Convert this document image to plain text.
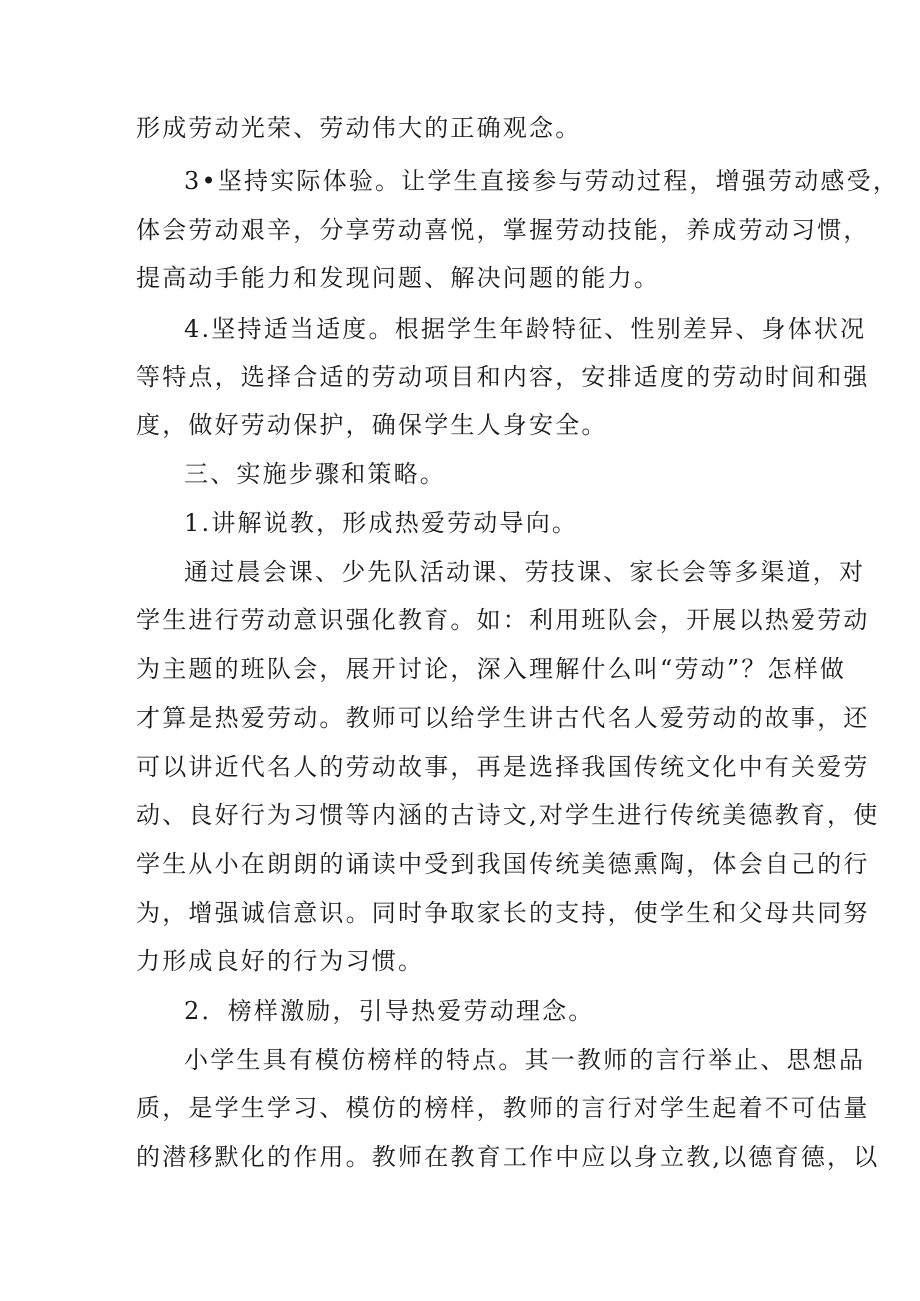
形成劳动光荣、劳动伟大的正确观念。
3•坚持实际体验。让学生直接参与劳动过程，增强劳动感受，
体会劳动艰辛，分享劳动喜悦，掌握劳动技能，养成劳动习惯，
提高动手能力和发现问题、解决问题的能力。
4.坚持适当适度。根据学生年龄特征、性别差异、身体状况
等特点，选择合适的劳动项目和内容，安排适度的劳动时间和强
度，做好劳动保护，确保学生人身安全。
三、实施步骤和策略。
1.讲解说教，形成热爱劳动导向。
通过晨会课、少先队活动课、劳技课、家长会等多渠道，对
学生进行劳动意识强化教育。如：利用班队会，开展以热爱劳动
为主题的班队会，展开讨论，深入理解什么叫“劳动”？怎样做
才算是热爱劳动。教师可以给学生讲古代名人爱劳动的故事，还
可以讲近代名人的劳动故事，再是选择我国传统文化中有关爱劳
动、良好行为习惯等内涵的古诗文,对学生进行传统美德教育，使
学生从小在朗朗的诵读中受到我国传统美德熏陶，体会自己的行
为，增强诚信意识。同时争取家长的支持，使学生和父母共同努
力形成良好的行为习惯。
2．榜样激励，引导热爱劳动理念。
小学生具有模仿榜样的特点。其一教师的言行举止、思想品
质，是学生学习、模仿的榜样，教师的言行对学生起着不可估量
的潜移默化的作用。教师在教育工作中应以身立教,以德育德，以
